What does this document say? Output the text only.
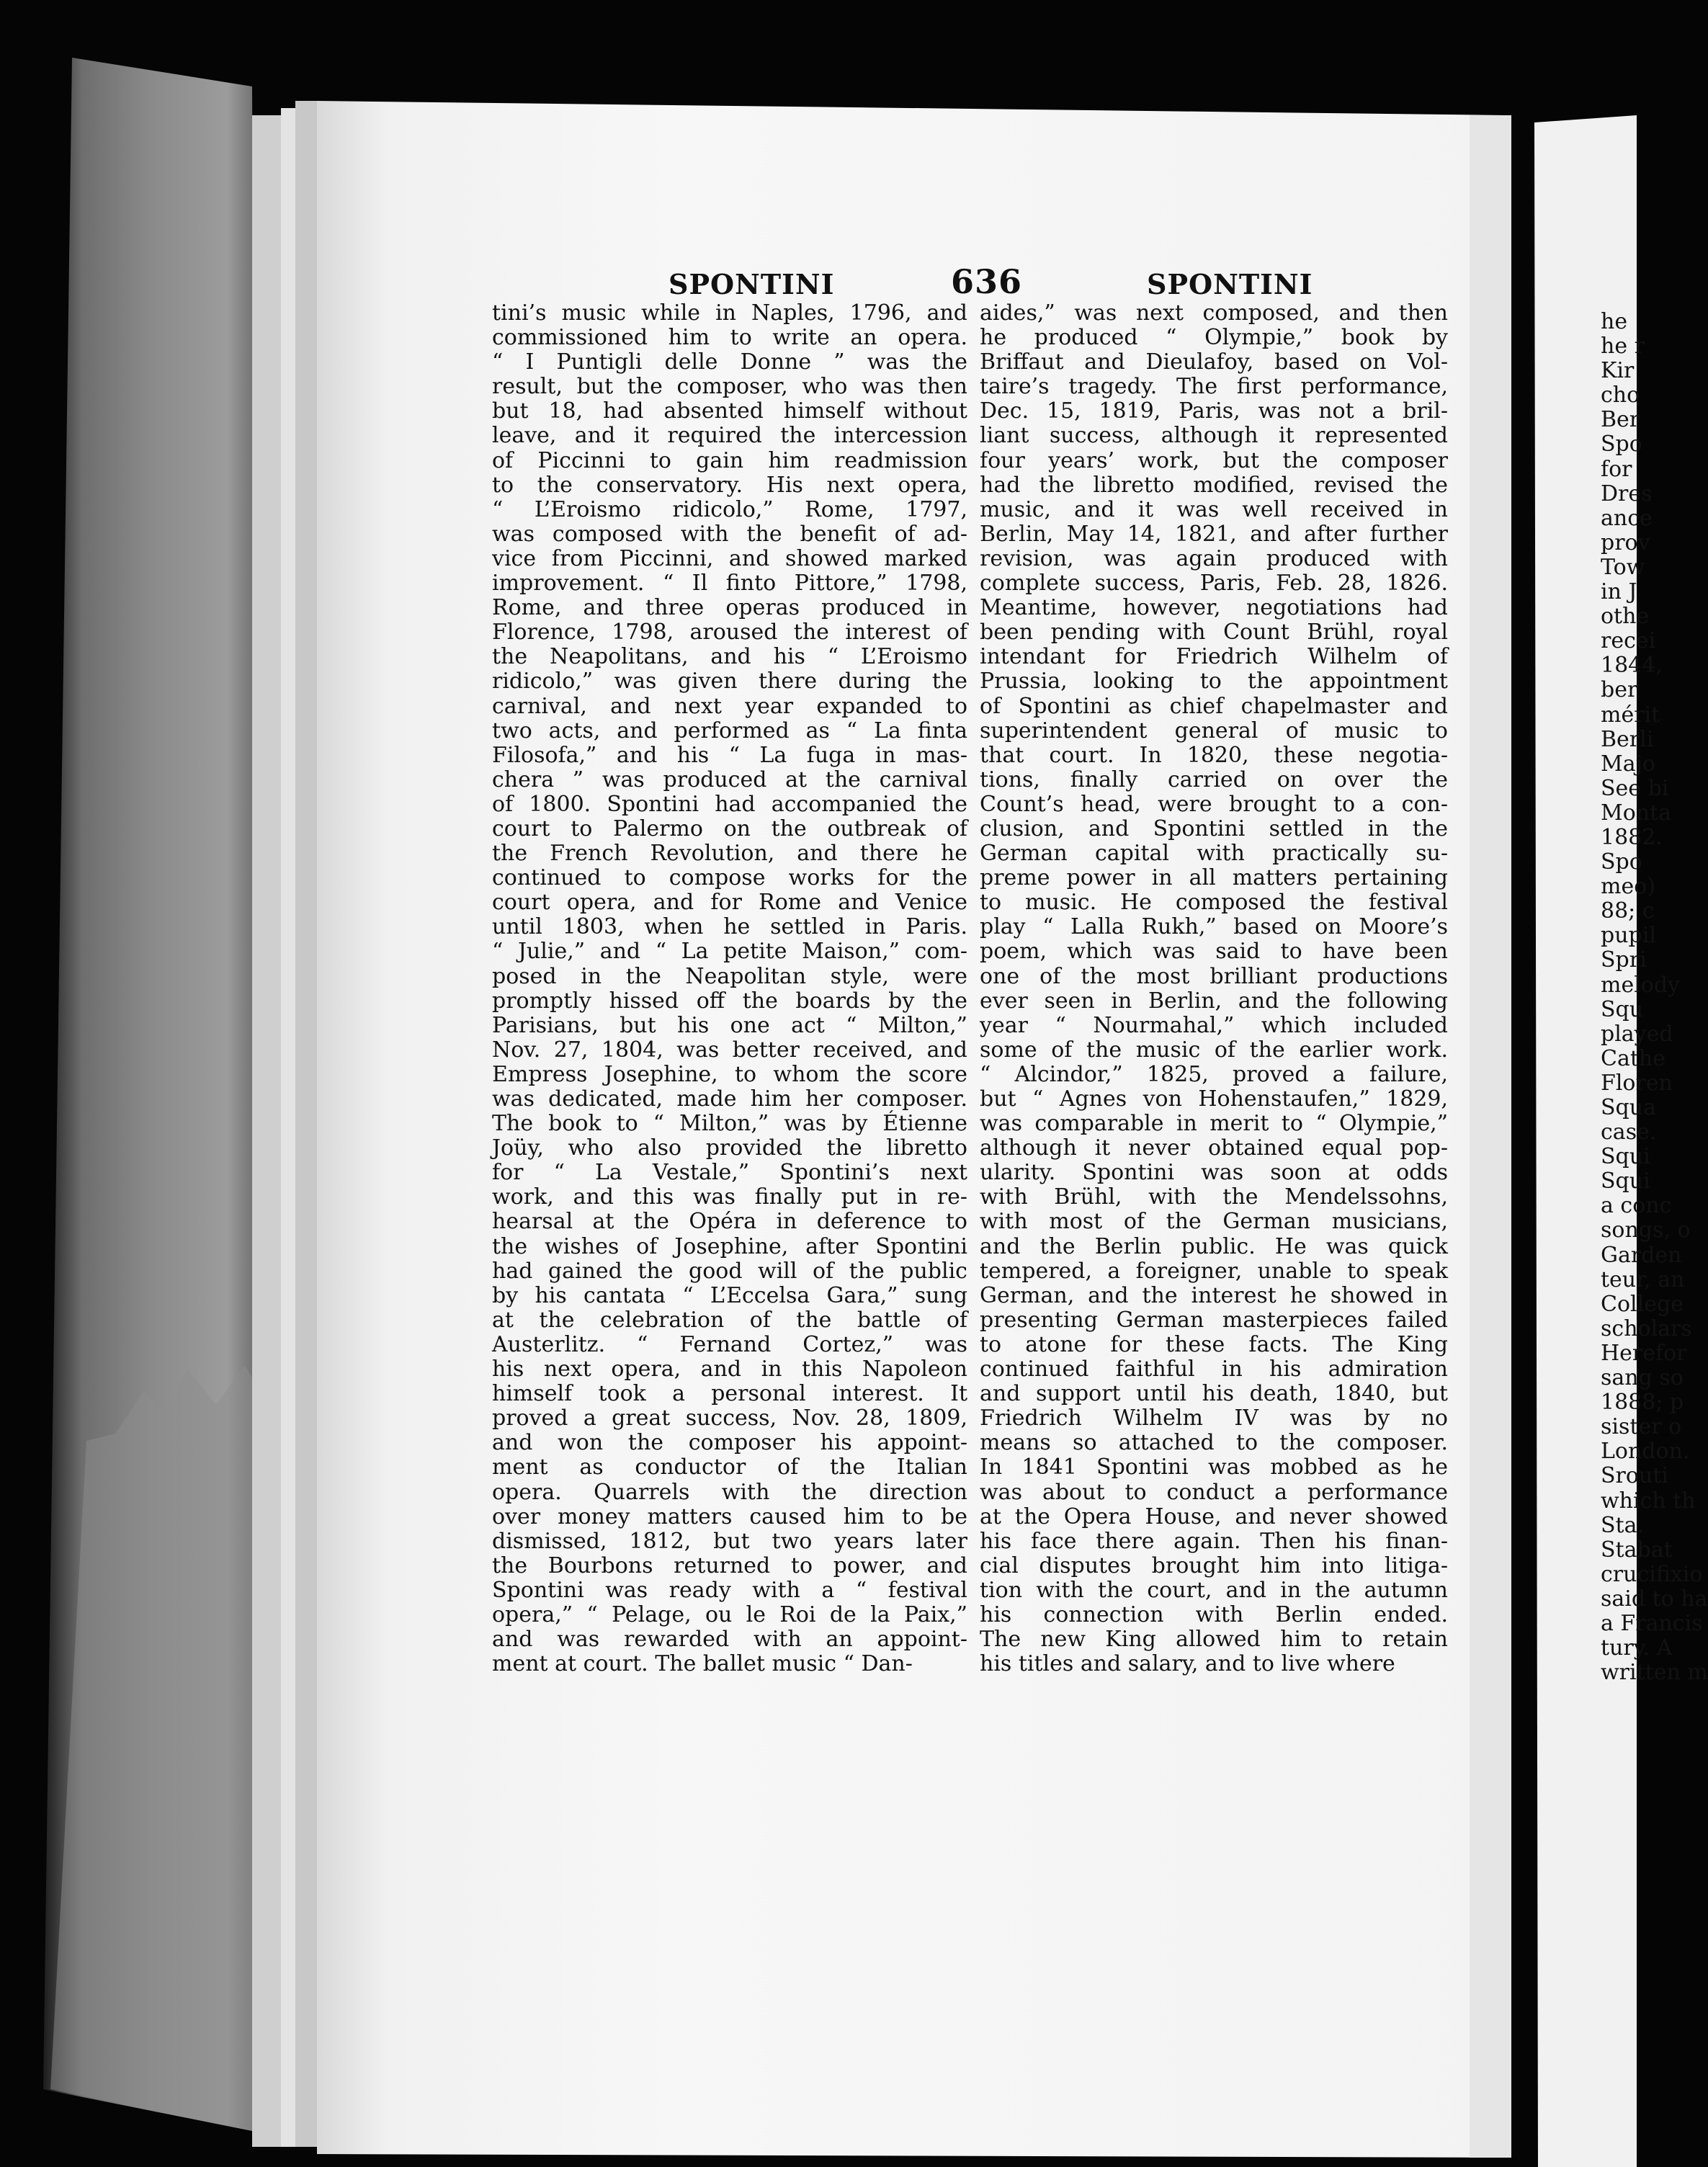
SPONTINI	636	SPONTINI
tini’s music while in Naples, 1796, and
commissioned him to write an opera.
“ I Puntigli delle Donne ” was the
result, but the composer, who was then
but 18, had absented himself without
leave, and it required the intercession
of Piccinni to gain him readmission
to the conservatory. His next opera,
“ L’Eroismo ridicolo,” Rome, 1797,
was composed with the benefit of ad-
vice from Piccinni, and showed marked
improvement. “ Il finto Pittore,” 1798,
Rome, and three operas produced in
Florence, 1798, aroused the interest of
the Neapolitans, and his “ L’Eroismo
ridicolo,” was given there during the
carnival, and next year expanded to
two acts, and performed as “ La finta
Filosofa,” and his “ La fuga in mas-
chera ” was produced at the carnival
of 1800. Spontini had accompanied the
court to Palermo on the outbreak of
the French Revolution, and there he
continued to compose works for the
court opera, and for Rome and Venice
until 1803, when he settled in Paris.
“ Julie,” and “ La petite Maison,” com-
posed in the Neapolitan style, were
promptly hissed off the boards by the
Parisians, but his one act “ Milton,”
Nov. 27, 1804, was better received, and
Empress Josephine, to whom the score
was dedicated, made him her composer.
The book to “ Milton,” was by Étienne
Joüy, who also provided the libretto
for “ La Vestale,” Spontini’s next
work, and this was finally put in re-
hearsal at the Opéra in deference to
the wishes of Josephine, after Spontini
had gained the good will of the public
by his cantata “ L’Eccelsa Gara,” sung
at the celebration of the battle of
Austerlitz. “ Fernand Cortez,” was
his next opera, and in this Napoleon
himself took a personal interest. It
proved a great success, Nov. 28, 1809,
and won the composer his appoint-
ment as conductor of the Italian
opera. Quarrels with the direction
over money matters caused him to be
dismissed, 1812, but two years later
the Bourbons returned to power, and
Spontini was ready with a “ festival
opera,” “ Pelage, ou le Roi de la Paix,”
and was rewarded with an appoint-
ment at court. The ballet music “ Dan-
aides,” was next composed, and then
he produced “ Olympie,” book by
Briffaut and Dieulafoy, based on Vol-
taire’s tragedy. The first performance,
Dec. 15, 1819, Paris, was not a bril-
liant success, although it represented
four years’ work, but the composer
had the libretto modified, revised the
music, and it was well received in
Berlin, May 14, 1821, and after further
revision, was again produced with
complete success, Paris, Feb. 28, 1826.
Meantime, however, negotiations had
been pending with Count Brühl, royal
intendant for Friedrich Wilhelm of
Prussia, looking to the appointment
of Spontini as chief chapelmaster and
superintendent general of music to
that court. In 1820, these negotia-
tions, finally carried on over the
Count’s head, were brought to a con-
clusion, and Spontini settled in the
German capital with practically su-
preme power in all matters pertaining
to music. He composed the festival
play “ Lalla Rukh,” based on Moore’s
poem, which was said to have been
one of the most brilliant productions
ever seen in Berlin, and the following
year “ Nourmahal,” which included
some of the music of the earlier work.
“ Alcindor,” 1825, proved a failure,
but “ Agnes von Hohenstaufen,” 1829,
was comparable in merit to “ Olympie,”
although it never obtained equal pop-
ularity. Spontini was soon at odds
with Brühl, with the Mendelssohns,
with most of the German musicians,
and the Berlin public. He was quick
tempered, a foreigner, unable to speak
German, and the interest he showed in
presenting German masterpieces failed
to atone for these facts. The King
continued faithful in his admiration
and support until his death, 1840, but
Friedrich Wilhelm IV was by no
means so attached to the composer.
In 1841 Spontini was mobbed as he
was about to conduct a performance
at the Opera House, and never showed
his face there again. Then his finan-
cial disputes brought him into litiga-
tion with the court, and in the autumn
his connection with Berlin ended.
The new King allowed him to retain
his titles and salary, and to live where
he
he r
Kir
cho
Ber
Spo
for
Dres
ance
prov
Tow
in J
othe
recei
1844,
ber
mérit
Berli
Majo
See bi
Monta
1882.
Spo
meo)
88; c
pupil
Spri
melody
Squ
played
Cathe
Floren
Squa
case.
Squi
Squi
a conc
songs, o
Garden
teur, an
College
scholars
Herefor
sang so
1888; p
sister o
London.
Srouti
which th
Sta.
Stabat
crucifixio
said to ha
a Francis
tury. A
written m
